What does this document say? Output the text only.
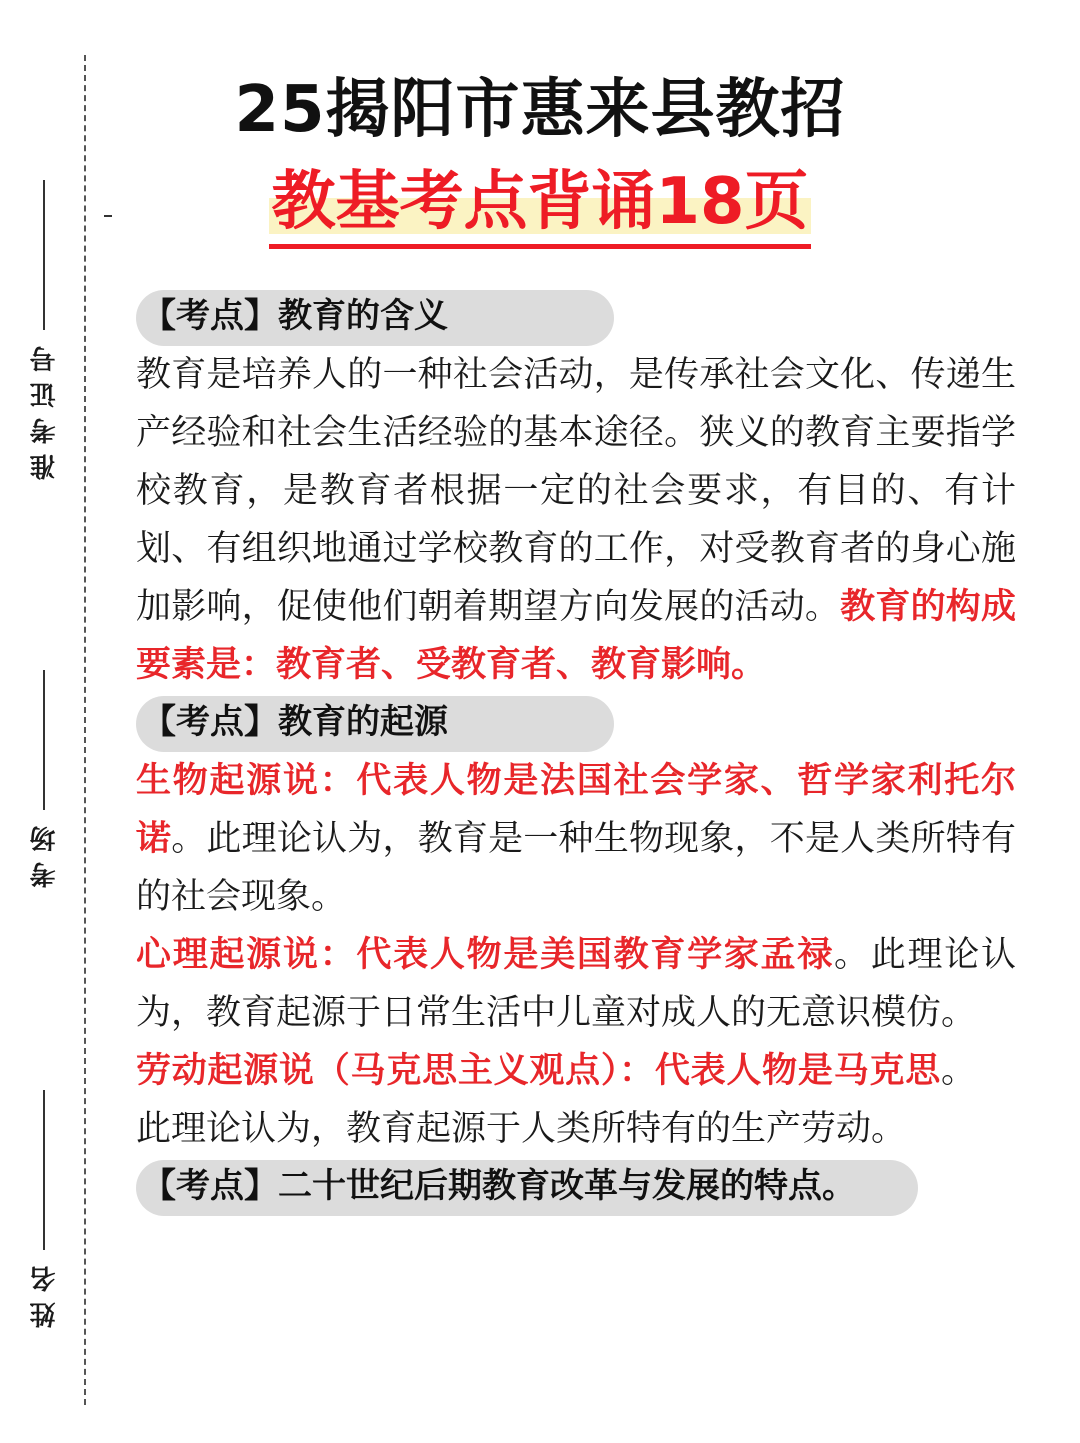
准考证号
考场
姓名
25揭阳市惠来县教招
教基考点背诵18页
【考点】教育的含义

教育是培养人的一种社会活动，是传承社会文化、传递生产经验和社会生活经验的基本途径。狭义的教育主要指学校教育，是教育者根据一定的社会要求，有目的、有计划、有组织地通过学校教育的工作，对受教育者的身心施加影响，促使他们朝着期望方向发展的活动。教育的构成要素是：教育者、受教育者、教育影响。

【考点】教育的起源

生物起源说：代表人物是法国社会学家、哲学家利托尔诺。此理论认为，教育是一种生物现象，不是人类所特有的社会现象。

心理起源说：代表人物是美国教育学家孟禄。此理论认为，教育起源于日常生活中儿童对成人的无意识模仿。

劳动起源说（马克思主义观点）：代表人物是马克思。此理论认为，教育起源于人类所特有的生产劳动。

【考点】二十世纪后期教育改革与发展的特点。
